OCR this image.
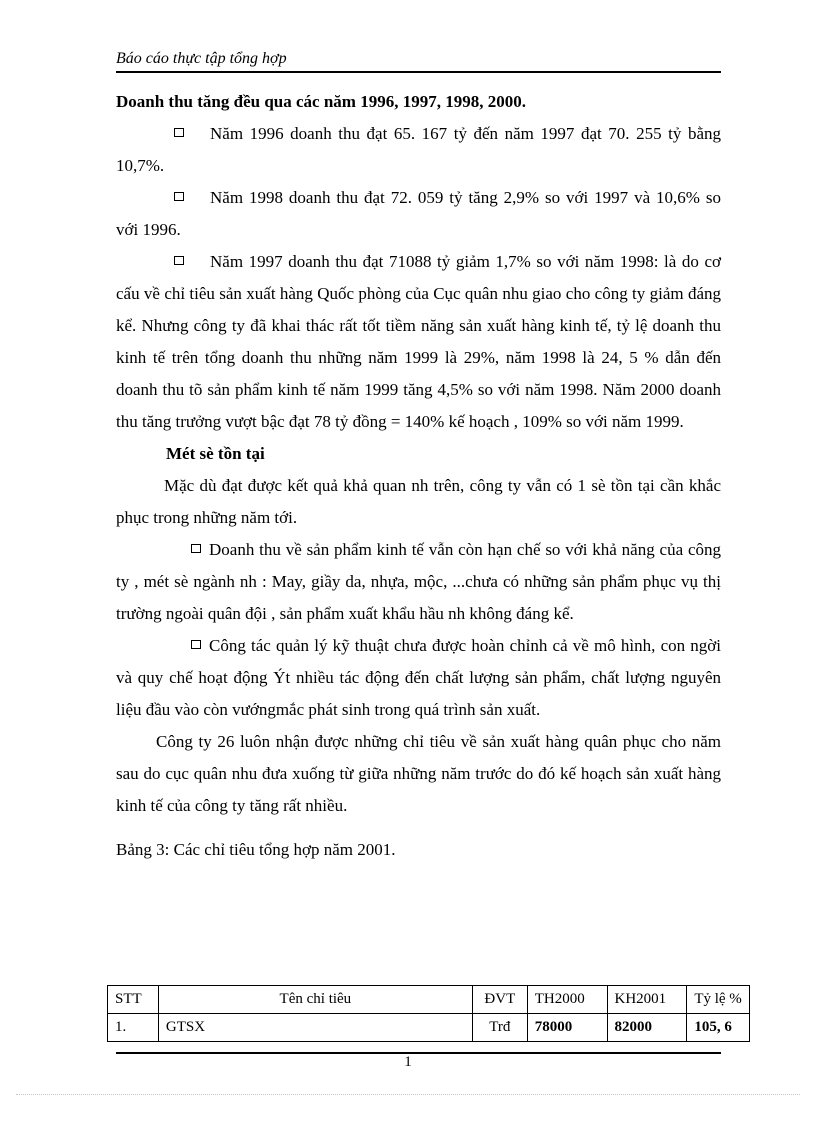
Báo cáo thực tập tổng hợp

Doanh thu tăng đều qua các năm 1996, 1997, 1998, 2000.

Năm 1996 doanh thu đạt 65. 167 tỷ đến năm 1997 đạt 70. 255 tỷ bằng 10,7%.

Năm 1998 doanh thu đạt 72. 059 tỷ tăng 2,9% so với 1997 và 10,6% so với 1996.

Năm 1997 doanh thu đạt 71088 tỷ giảm 1,7% so với năm 1998: là do cơ cấu về chỉ tiêu sản xuất hàng Quốc phòng của Cục quân nhu giao cho công ty giảm đáng kể. Nhưng công ty đã khai thác rất tốt tiềm năng sản xuất hàng kinh tế, tỷ lệ doanh thu kinh tế trên tổng doanh thu những năm 1999 là 29%, năm 1998 là 24, 5 % dẫn đến doanh thu tõ sản phẩm kinh tế năm 1999 tăng 4,5% so với năm 1998. Năm 2000 doanh thu tăng trưởng vượt bậc đạt 78 tỷ đồng = 140% kế hoạch , 109% so với năm 1999.

Mét sè tồn tại

Mặc dù đạt được kết quả khả quan nh trên, công ty vẫn có 1 sè tồn tại cần khắc phục trong những năm tới.

Doanh thu về sản phẩm kinh tế vẫn còn hạn chế so với khả năng của công ty , mét sè ngành nh : May, giầy da, nhựa, mộc, ...chưa có những sản phẩm phục vụ thị trường ngoài quân đội , sản phẩm xuất khẩu hầu nh không đáng kể.

Công tác quản lý kỹ thuật chưa được hoàn chỉnh cả về mô hình, con ngời và quy chế hoạt động Ýt nhiều tác động đến chất lượng sản phẩm, chất lượng nguyên liệu đầu vào còn vướngmắc phát sinh trong quá trình sản xuất.

Công ty 26 luôn nhận được những chỉ tiêu về sản xuất hàng quân phục cho năm sau do cục quân nhu đưa xuống từ giữa những năm trước do đó kế hoạch sản xuất hàng kinh tế của công ty tăng rất nhiều.

Bảng 3: Các chỉ tiêu tổng hợp năm 2001.

STT	Tên chỉ tiêu	ĐVT	TH2000	KH2001	Tỷ lệ %
1.	GTSX	Trđ	78000	82000	105, 6
1
